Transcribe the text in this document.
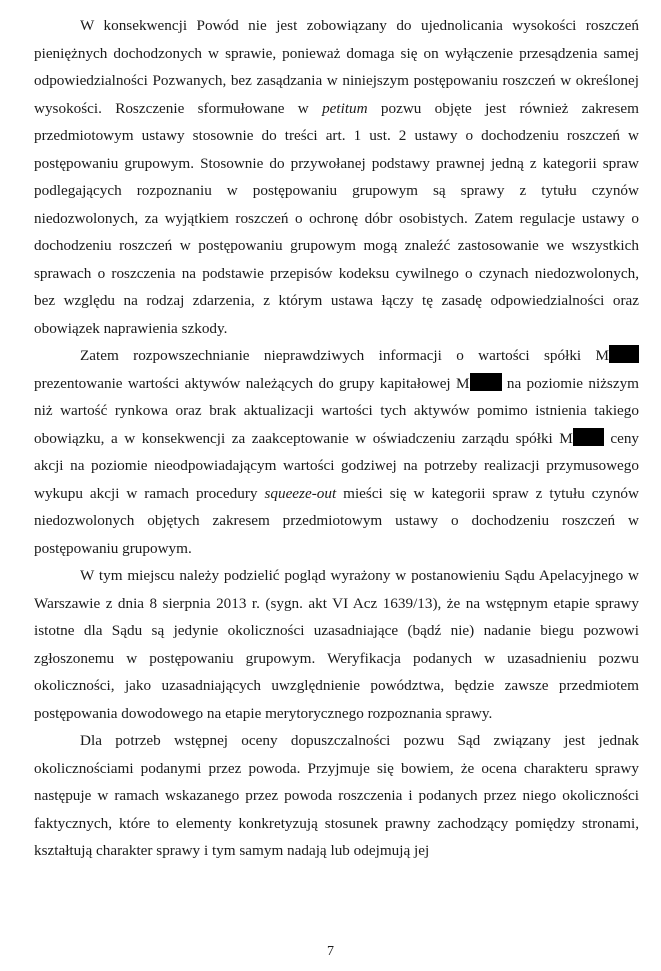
W konsekwencji Powód nie jest zobowiązany do ujednolicania wysokości roszczeń pieniężnych dochodzonych w sprawie, ponieważ domaga się on wyłączenie przesądzenia samej odpowiedzialności Pozwanych, bez zasądzania w niniejszym postępowaniu roszczeń w określonej wysokości. Roszczenie sformułowane w petitum pozwu objęte jest również zakresem przedmiotowym ustawy stosownie do treści art. 1 ust. 2 ustawy o dochodzeniu roszczeń w postępowaniu grupowym. Stosownie do przywołanej podstawy prawnej jedną z kategorii spraw podlegających rozpoznaniu w postępowaniu grupowym są sprawy z tytułu czynów niedozwolonych, za wyjątkiem roszczeń o ochronę dóbr osobistych. Zatem regulacje ustawy o dochodzeniu roszczeń w postępowaniu grupowym mogą znaleźć zastosowanie we wszystkich sprawach o roszczenia na podstawie przepisów kodeksu cywilnego o czynach niedozwolonych, bez względu na rodzaj zdarzenia, z którym ustawa łączy tę zasadę odpowiedzialności oraz obowiązek naprawienia szkody.

Zatem rozpowszechnianie nieprawdziwych informacji o wartości spółki M prezentowanie wartości aktywów należących do grupy kapitałowej M na poziomie niższym niż wartość rynkowa oraz brak aktualizacji wartości tych aktywów pomimo istnienia takiego obowiązku, a w konsekwencji za zaakceptowanie w oświadczeniu zarządu spółki M ceny akcji na poziomie nieodpowiadającym wartości godziwej na potrzeby realizacji przymusowego wykupu akcji w ramach procedury squeeze-out mieści się w kategorii spraw z tytułu czynów niedozwolonych objętych zakresem przedmiotowym ustawy o dochodzeniu roszczeń w postępowaniu grupowym.

W tym miejscu należy podzielić pogląd wyrażony w postanowieniu Sądu Apelacyjnego w Warszawie z dnia 8 sierpnia 2013 r. (sygn. akt VI Acz 1639/13), że na wstępnym etapie sprawy istotne dla Sądu są jedynie okoliczności uzasadniające (bądź nie) nadanie biegu pozwowi zgłoszonemu w postępowaniu grupowym. Weryfikacja podanych w uzasadnieniu pozwu okoliczności, jako uzasadniających uwzględnienie powództwa, będzie zawsze przedmiotem postępowania dowodowego na etapie merytorycznego rozpoznania sprawy.

Dla potrzeb wstępnej oceny dopuszczalności pozwu Sąd związany jest jednak okolicznościami podanymi przez powoda. Przyjmuje się bowiem, że ocena charakteru sprawy następuje w ramach wskazanego przez powoda roszczenia i podanych przez niego okoliczności faktycznych, które to elementy konkretyzują stosunek prawny zachodzący pomiędzy stronami, kształtują charakter sprawy i tym samym nadają lub odejmują jej

7
